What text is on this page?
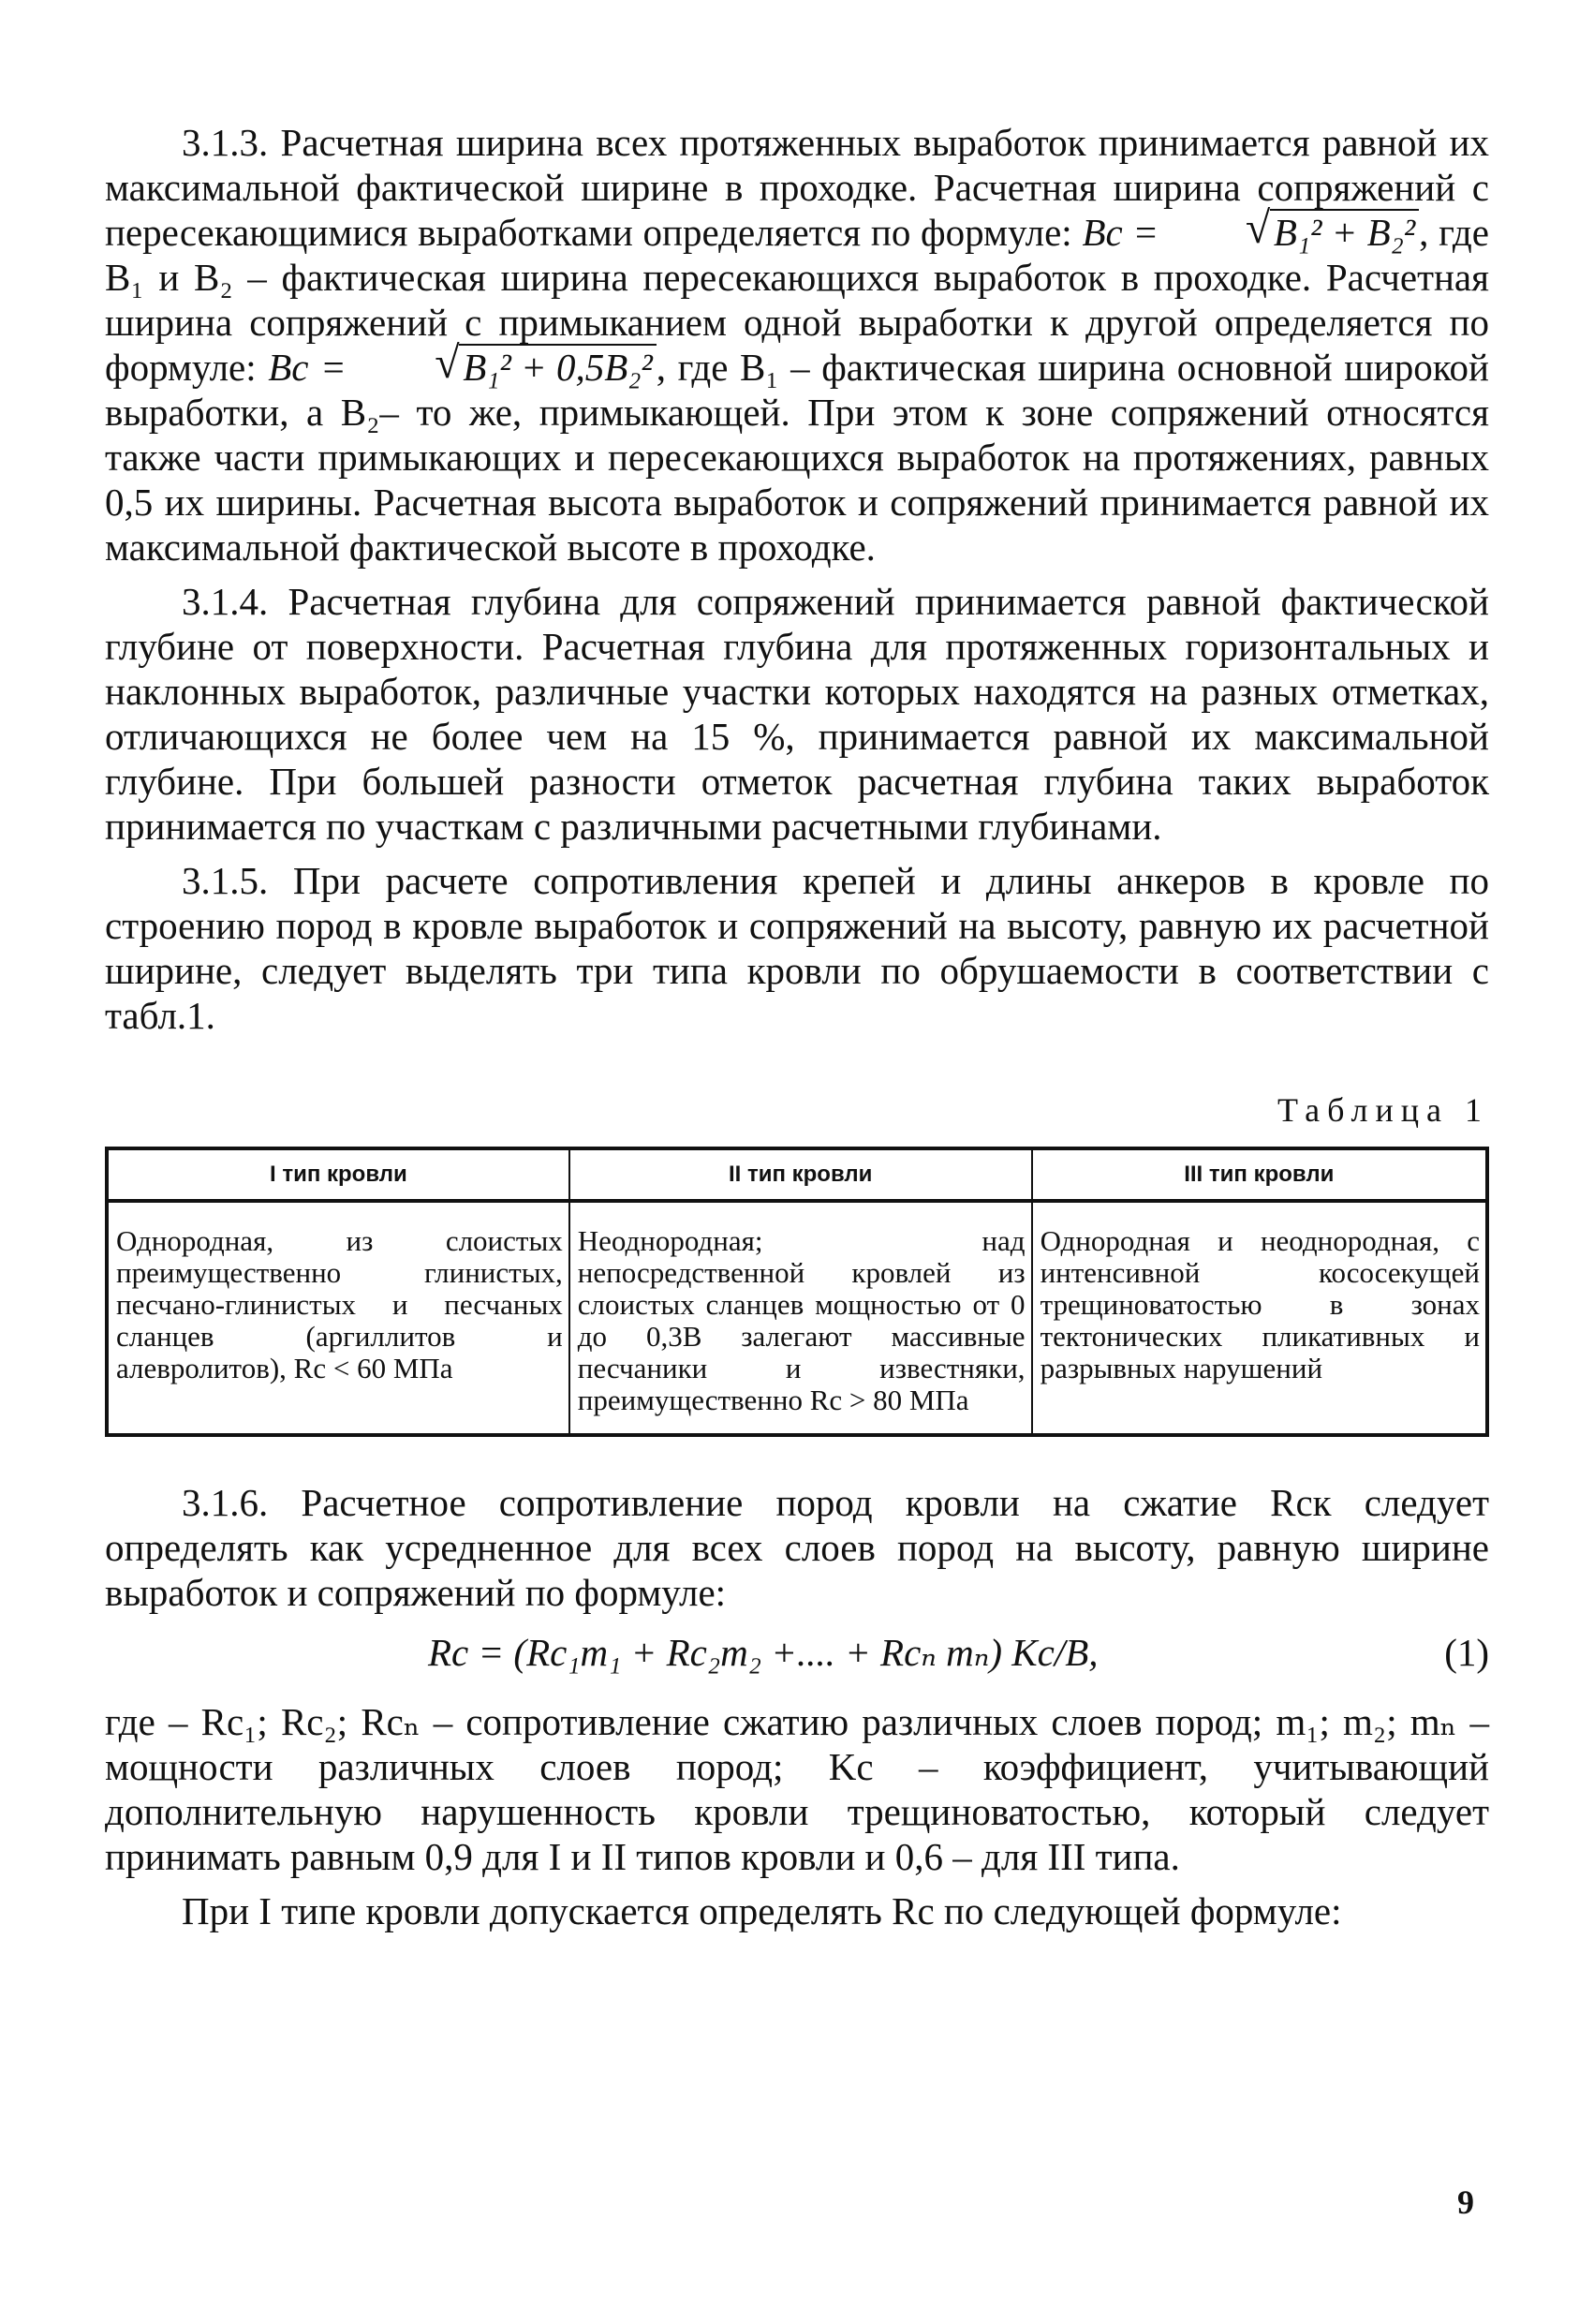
3.1.3. Расчетная ширина всех протяженных выработок принимается равной их максимальной фактической ширине в проходке. Расчетная ширина сопряжений с пересекающимися выработками определяется по формуле: Bc =	√ B₁² + B₂², где B₁ и B₂ – фактическая ширина пересекающихся выработок в проходке. Расчетная ширина сопряжений с примыканием одной выработки к другой определяется по формуле: Bc =	√ B₁² + 0,5B₂², где B₁ – фактическая ширина основной широкой выработки, а B₂– то же, примыкающей. При этом к зоне сопряжений относятся также части примыкающих и пересекающихся выработок на протяжениях, равных 0,5 их ширины. Расчетная высота выработок и сопряжений принимается равной их максимальной фактической высоте в проходке.

3.1.4. Расчетная глубина для сопряжений принимается равной фактической глубине от поверхности. Расчетная глубина для протяженных горизонтальных и наклонных выработок, различные участки которых находятся на разных отметках, отличающихся не более чем на 15 %, принимается равной их максимальной глубине. При большей разности отметок расчетная глубина таких выработок принимается по участкам с различными расчетными глубинами.

3.1.5. При расчете сопротивления крепей и длины анкеров в кровле по строению пород в кровле выработок и сопряжений на высоту, равную их расчетной ширине, следует выделять три типа кровли по обрушаемости в соответствии с табл.1.

Таблица 1
I тип кровли	II тип кровли	III тип кровли
Однородная, из слоистых преимущественно глинистых, песчано-глинистых и песчаных сланцев (аргиллитов и алевролитов), Rc < 60 МПа	Неоднородная; над непосредственной кровлей из слоистых сланцев мощностью от 0 до 0,3B залегают массивные песчаники и известняки, преимущественно Rc > 80 МПа	Однородная и неоднородная, с интенсивной кососекущей трещиноватостью в зонах тектонических пликативных и разрывных нарушений

3.1.6. Расчетное сопротивление пород кровли на сжатие Rск следует определять как усредненное для всех слоев пород на высоту, равную ширине выработок и сопряжений по формуле:

Rc = (Rc₁m₁ + Rc₂m₂ +.... + Rcₙ mₙ) Kc/B,	(1)

где – Rc₁; Rc₂; Rcₙ – сопротивление сжатию различных слоев пород; m₁; m₂; mₙ – мощности различных слоев пород; Kc – коэффициент, учитывающий дополнительную нарушенность кровли трещиноватостью, который следует принимать равным 0,9 для I и II типов кровли и 0,6 – для III типа.

При I типе кровли допускается определять Rc по следующей формуле:

9
